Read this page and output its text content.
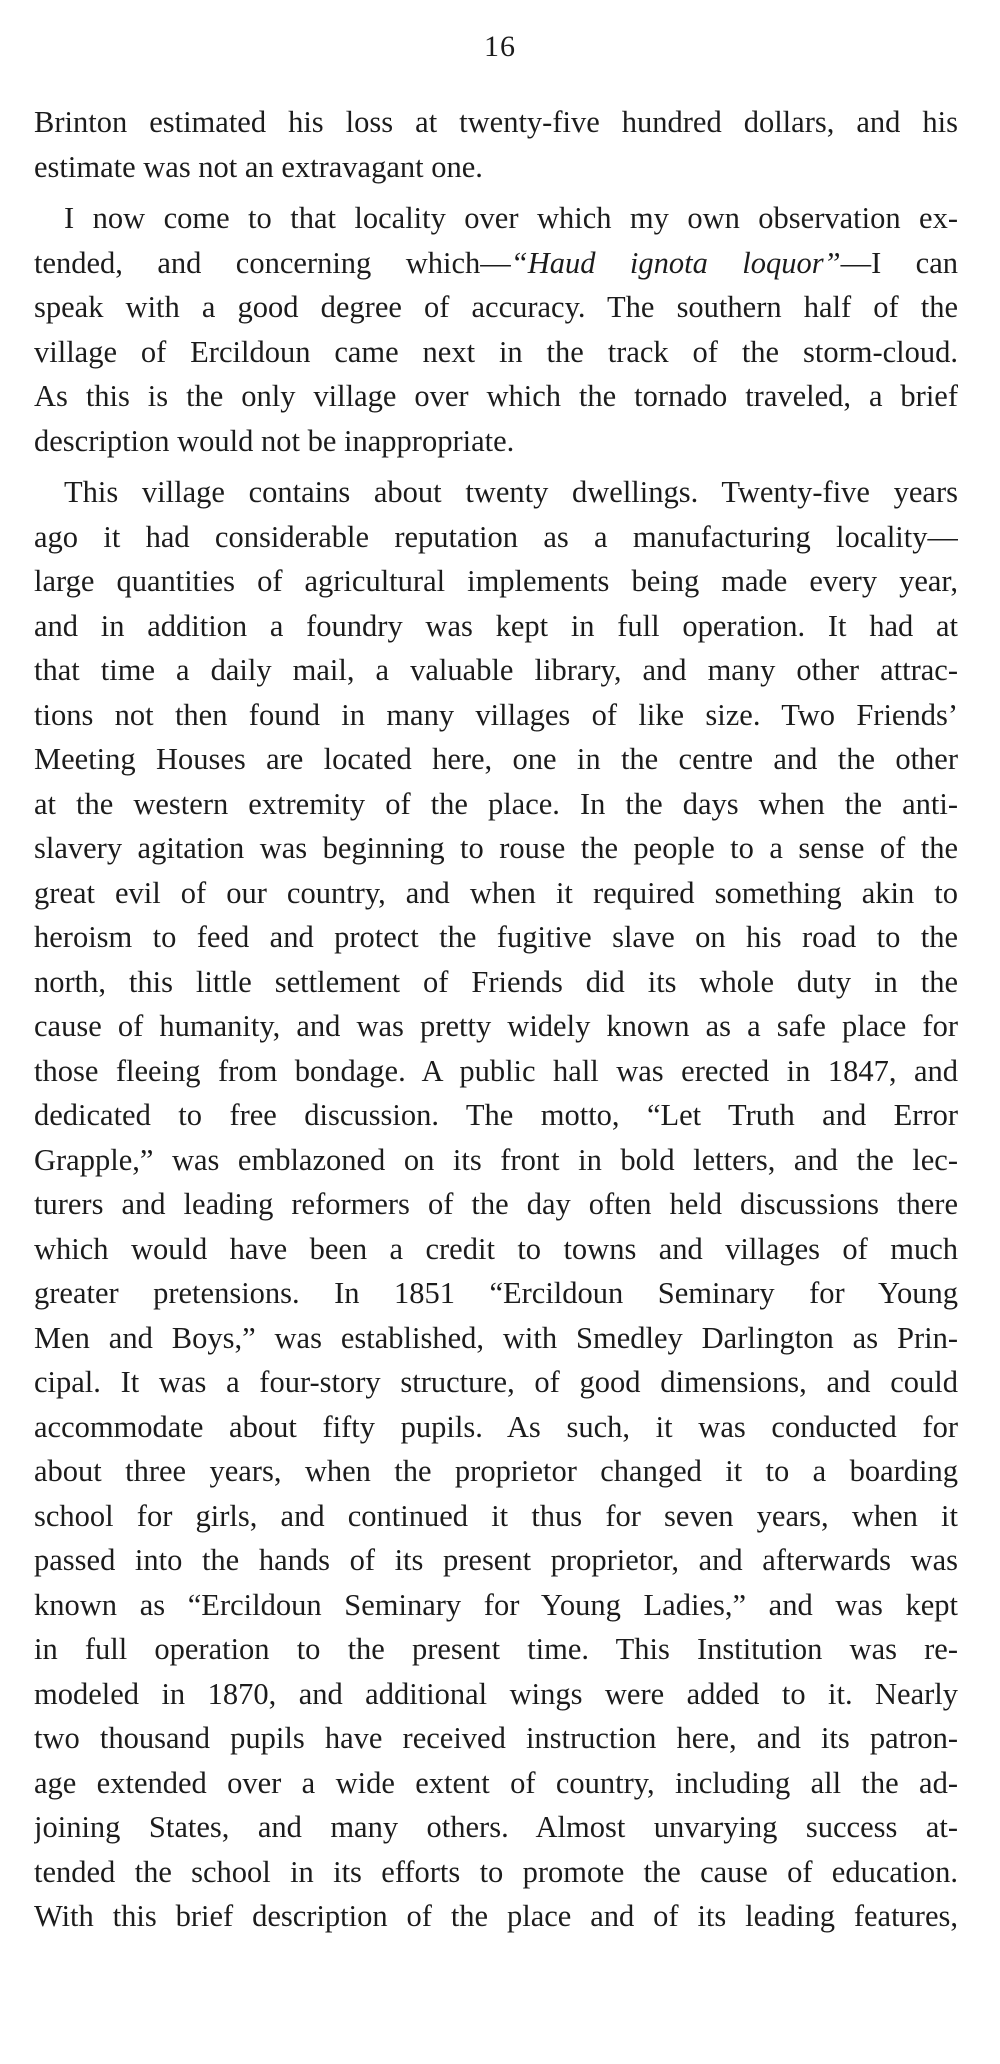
16
Brinton estimated his loss at twenty-five hundred dollars, and his
estimate was not an extravagant one.
I now come to that locality over which my own observation ex-
tended, and concerning which—“Haud ignota loquor”—I can
speak with a good degree of accuracy. The southern half of the
village of Ercildoun came next in the track of the storm-cloud.
As this is the only village over which the tornado traveled, a brief
description would not be inappropriate.
This village contains about twenty dwellings. Twenty-five years
ago it had considerable reputation as a manufacturing locality—
large quantities of agricultural implements being made every year,
and in addition a foundry was kept in full operation. It had at
that time a daily mail, a valuable library, and many other attrac-
tions not then found in many villages of like size. Two Friends’
Meeting Houses are located here, one in the centre and the other
at the western extremity of the place. In the days when the anti-
slavery agitation was beginning to rouse the people to a sense of the
great evil of our country, and when it required something akin to
heroism to feed and protect the fugitive slave on his road to the
north, this little settlement of Friends did its whole duty in the
cause of humanity, and was pretty widely known as a safe place for
those fleeing from bondage. A public hall was erected in 1847, and
dedicated to free discussion. The motto, “Let Truth and Error
Grapple,” was emblazoned on its front in bold letters, and the lec-
turers and leading reformers of the day often held discussions there
which would have been a credit to towns and villages of much
greater pretensions. In 1851 “Ercildoun Seminary for Young
Men and Boys,” was established, with Smedley Darlington as Prin-
cipal. It was a four-story structure, of good dimensions, and could
accommodate about fifty pupils. As such, it was conducted for
about three years, when the proprietor changed it to a boarding
school for girls, and continued it thus for seven years, when it
passed into the hands of its present proprietor, and afterwards was
known as “Ercildoun Seminary for Young Ladies,” and was kept
in full operation to the present time. This Institution was re-
modeled in 1870, and additional wings were added to it. Nearly
two thousand pupils have received instruction here, and its patron-
age extended over a wide extent of country, including all the ad-
joining States, and many others. Almost unvarying success at-
tended the school in its efforts to promote the cause of education.
With this brief description of the place and of its leading features,
